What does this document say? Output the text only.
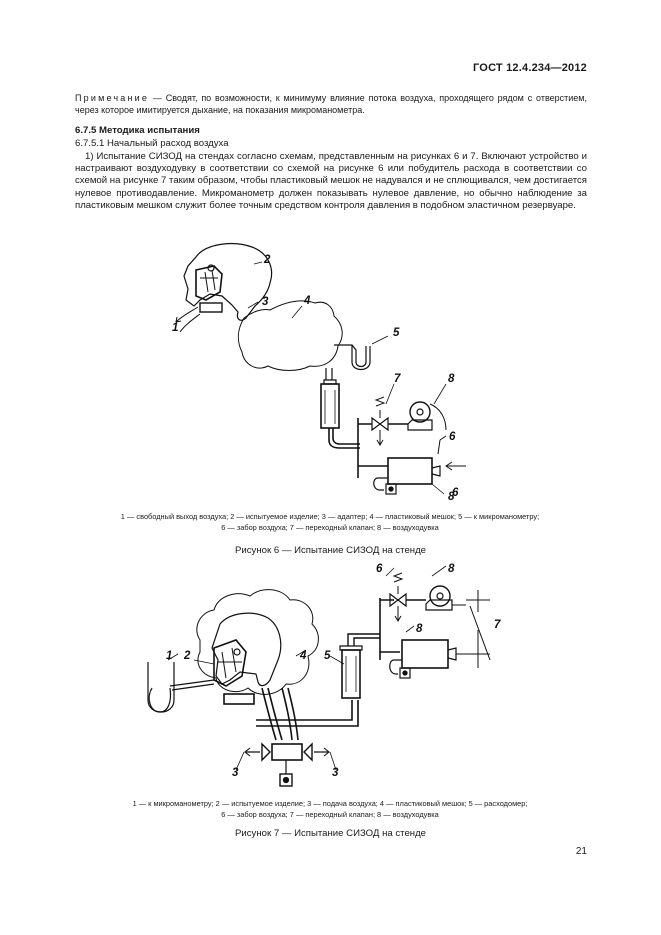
ГОСТ 12.4.234—2012
Примечание — Сводят, по возможности, к минимуму влияние потока воздуха, проходящего рядом с отверстием, через которое имитируется дыхание, на показания микроманометра.
6.7.5 Методика испытания
6.7.5.1 Начальный расход воздуха
1) Испытание СИЗОД на стендах согласно схемам, представленным на рисунках 6 и 7. Включают устройство и настраивают воздуходувку в соответствии со схемой на рисунке 6 или побудитель расхода в соответствии со схемой на рисунке 7 таким образом, чтобы пластиковый мешок не надувался и не сплющивался, чем достигается нулевое противодавление. Микроманометр должен показывать нулевое давление, но обычно наблюдение за пластиковым мешком служит более точным средством контроля давления в подобном эластичном резервуаре.
1
2
3	4
5
6
6
7	8
8
1 — свободный выход воздуха; 2 — испытуемое изделие; 3 — адаптер; 4 — пластиковый мешок; 5 — к микроманометру;
6 — забор воздуха; 7 — переходный клапан; 8 — воздуходувка
Рисунок 6 — Испытание СИЗОД на стенде
1 2
3	3
4 5
6
7
8
8
1 — к микроманометру; 2 — испытуемое изделие; 3 — подача воздуха; 4 — пластиковый мешок; 5 — расходомер;
6 — забор воздуха; 7 — переходный клапан; 8 — воздуходувка
Рисунок 7 — Испытание СИЗОД на стенде
21
